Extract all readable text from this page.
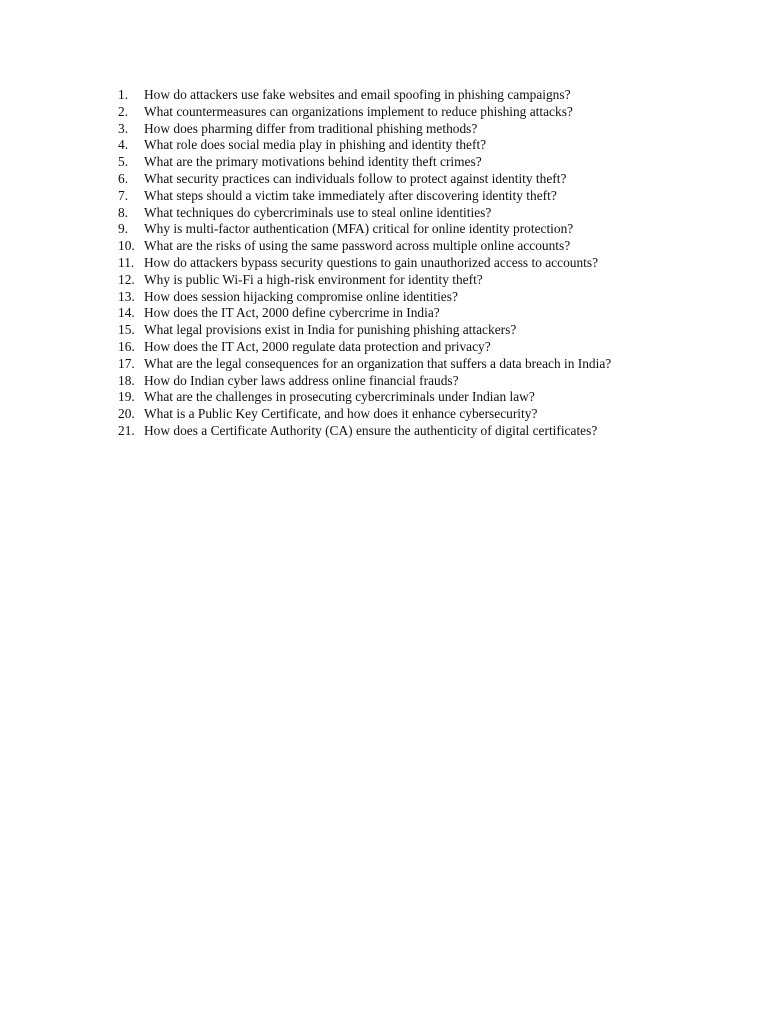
1.	How do attackers use fake websites and email spoofing in phishing campaigns?
2.	What countermeasures can organizations implement to reduce phishing attacks?
3.	How does pharming differ from traditional phishing methods?
4.	What role does social media play in phishing and identity theft?
5.	What are the primary motivations behind identity theft crimes?
6.	What security practices can individuals follow to protect against identity theft?
7.	What steps should a victim take immediately after discovering identity theft?
8.	What techniques do cybercriminals use to steal online identities?
9.	Why is multi-factor authentication (MFA) critical for online identity protection?
10. What are the risks of using the same password across multiple online accounts?
11. How do attackers bypass security questions to gain unauthorized access to accounts?
12. Why is public Wi-Fi a high-risk environment for identity theft?
13. How does session hijacking compromise online identities?
14. How does the IT Act, 2000 define cybercrime in India?
15. What legal provisions exist in India for punishing phishing attackers?
16. How does the IT Act, 2000 regulate data protection and privacy?
17. What are the legal consequences for an organization that suffers a data breach in India?
18. How do Indian cyber laws address online financial frauds?
19. What are the challenges in prosecuting cybercriminals under Indian law?
20. What is a Public Key Certificate, and how does it enhance cybersecurity?
21. How does a Certificate Authority (CA) ensure the authenticity of digital certificates?
